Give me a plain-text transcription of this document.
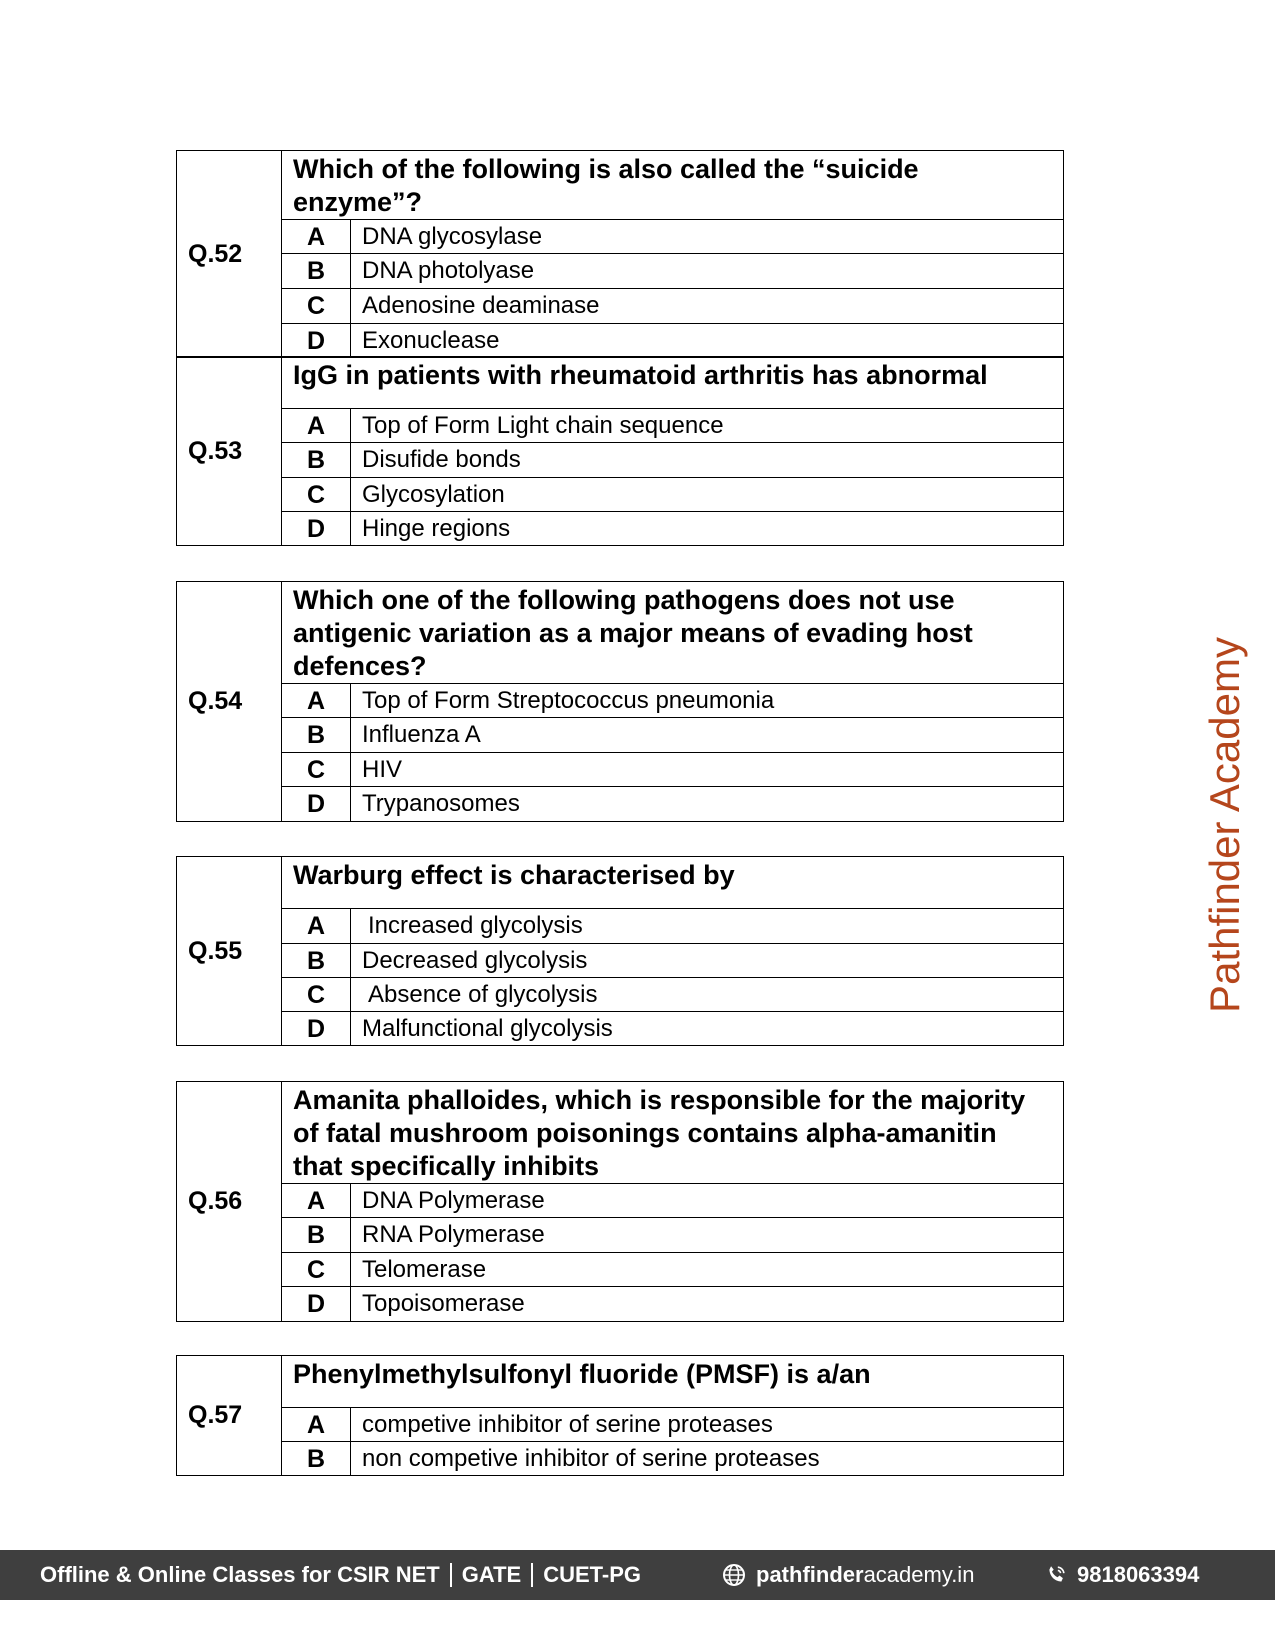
Q.52	Which of the following is also called the “suicide enzyme”?	
	A	DNA glycosylase
	B	DNA photolyase
	C	Adenosine deaminase
	D	Exonuclease
Q.53	IgG in patients with rheumatoid arthritis has abnormal	
	A	Top of Form Light chain sequence
	B	Disufide bonds
	C	Glycosylation
	D	Hinge regions
Q.54	Which one of the following pathogens does not use antigenic variation as a major means of evading host defences?	
	A	Top of Form Streptococcus pneumonia
	B	Influenza A
	C	HIV
	D	Trypanosomes
Q.55	Warburg effect is characterised by	
	A	Increased glycolysis
	B	Decreased glycolysis
	C	Absence of glycolysis
	D	Malfunctional glycolysis
Q.56	Amanita phalloides, which is responsible for the majority of fatal mushroom poisonings contains alpha-amanitin that specifically inhibits	
	A	DNA Polymerase
	B	RNA Polymerase
	C	Telomerase
	D	Topoisomerase
Q.57	Phenylmethylsulfonyl fluoride (PMSF) is a/an	
	A	competive inhibitor of serine proteases
	B	non competive inhibitor of serine proteases
Pathfinder Academy
Offline & Online Classes for CSIR NET GATE CUET-PG	pathfinder academy.in	9818063394
